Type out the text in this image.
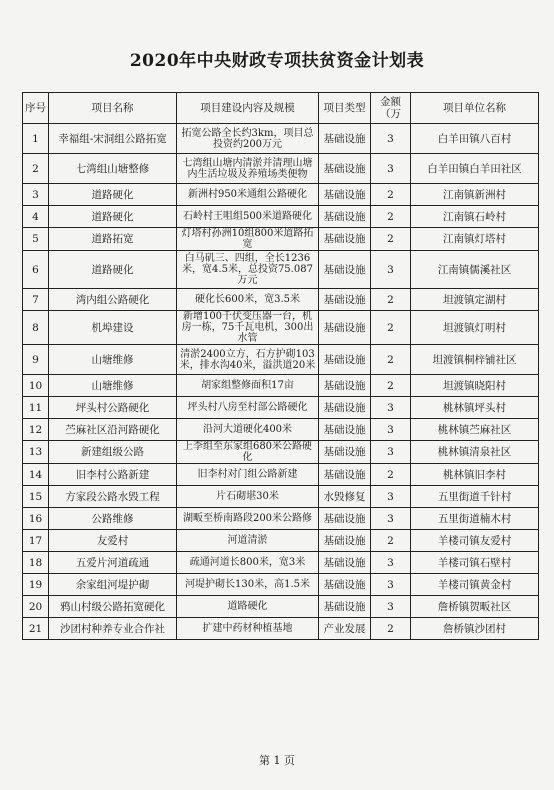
2020年中央财政专项扶贫资金计划表
序号	项目名称	项目建设内容及规模	项目类型	金额（万	项目单位名称
1	幸福组-宋洞组公路拓宽	拓宽公路全长约3km，项目总投资约200万元	基础设施	3	白羊田镇八百村
2	七湾组山塘整修	七湾组山塘内清淤并清理山塘内生活垃圾及养殖场类便物	基础设施	3	白羊田镇白羊田社区
3	道路硬化	新洲村950米通组公路硬化	基础设施	2	江南镇新洲村
4	道路硬化	石岭村王咀组500米道路硬化	基础设施	2	江南镇石岭村
5	道路拓宽	灯塔村孙洲10组800米道路拓宽	基础设施	2	江南镇灯塔村
6	道路硬化	白马矶三、四组，全长1236米，宽4.5米，总投资75.087万元	基础设施	3	江南镇儒溪社区
7	湾内组公路硬化	硬化长600米，宽3.5米	基础设施	2	坦渡镇定湖村
8	机埠建设	新增100千伏变压器一台，机房一栋，75千瓦电机，300出水管	基础设施	2	坦渡镇灯明村
9	山塘维修	清淤2400立方，石方护砌103米，排水沟40米，溢洪道20米	基础设施	2	坦渡镇桐梓铺社区
10	山塘维修	胡家组整修面积17亩	基础设施	2	坦渡镇晓阳村
11	坪头村公路硬化	坪头村八房至村部公路硬化	基础设施	3	桃林镇坪头村
12	苎麻社区沿河路硬化	沿河大道硬化400米	基础设施	3	桃林镇苎麻社区
13	新建组级公路	上李组至东家组680米公路硬化	基础设施	3	桃林镇清泉社区
14	旧李村公路新建	旧李村对门组公路新建	基础设施	2	桃林镇旧李村
15	方家段公路水毁工程	片石砌堪30米	水毁修复	3	五里街道千针村
16	公路维修	湖畈至桥南路段200米公路修	基础设施	3	五里街道楠木村
17	友爱村	河道清淤	基础设施	2	羊楼司镇友爱村
18	五爱片河道疏通	疏通河道长800米，宽3米	基础设施	3	羊楼司镇石壁村
19	余家组河堤护砌	河堤护砌长130米，高1.5米	基础设施	3	羊楼司镇黄金村
20	鸦山村级公路拓宽硬化	道路硬化	基础设施	3	詹桥镇贺畈社区
21	沙团村种养专业合作社	扩建中药材种植基地	产业发展	2	詹桥镇沙团村
第 1 页
